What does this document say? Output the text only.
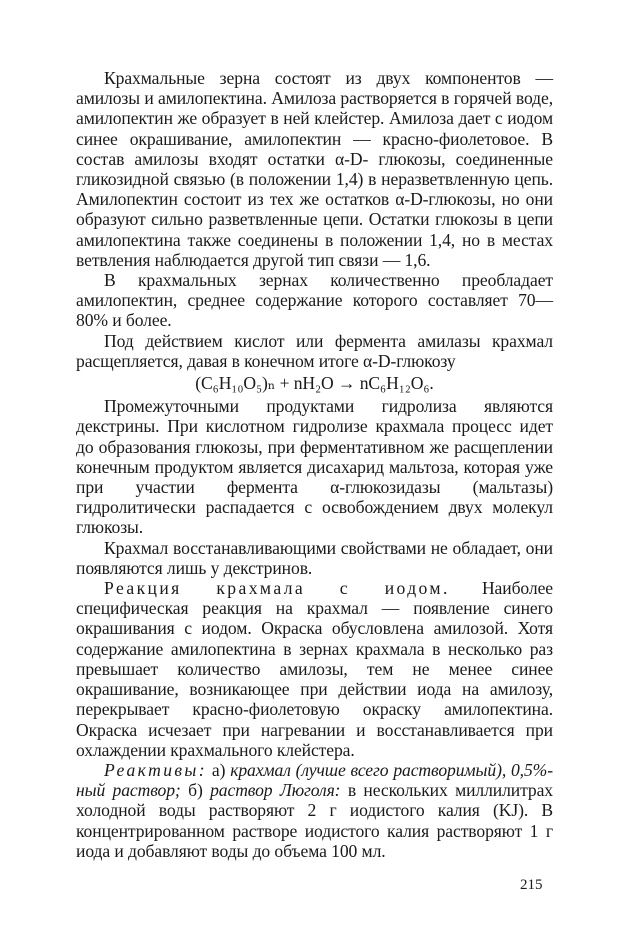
Крахмальные зерна состоят из двух компонентов — амилозы и амилопектина. Амилоза растворяется в горячей воде, амилопектин же образует в ней клейстер. Амилоза дает с иодом синее окрашивание, амилопектин — красно-фиолетовое. В состав амилозы входят остатки α-D- глюкозы, соединенные гликозидной связью (в положении 1,4) в неразветвленную цепь. Амилопектин состоит из тех же остатков α-D-глюкозы, но они образуют сильно разветвленные цепи. Остатки глюкозы в цепи амилопектина также соединены в положении 1,4, но в местах ветвления наблюдается другой тип связи — 1,6.

В крахмальных зернах количественно преобладает амилопектин, среднее содержание которого составляет 70—80% и более.

Под действием кислот или фермента амилазы крахмал расщепляется, давая в конечном итоге α-D-глюкозу

(C₆H₁₀O₅)ₙ + nH₂O → nC₆H₁₂O₆.

Промежуточными продуктами гидролиза являются декстрины. При кислотном гидролизе крахмала процесс идет до образования глюкозы, при ферментативном же расщеплении конечным продуктом является дисахарид мальтоза, которая уже при участии фермента α-глюкозидазы (мальтазы) гидролитически распадается с освобождением двух молекул глюкозы.

Крахмал восстанавливающими свойствами не обладает, они появляются лишь у декстринов.

Реакция крахмала с иодом. Наиболее специфическая реакция на крахмал — появление синего окрашивания с иодом. Окраска обусловлена амилозой. Хотя содержание амилопектина в зернах крахмала в несколько раз превышает количество амилозы, тем не менее синее окрашивание, возникающее при действии иода на амилозу, перекрывает красно-фиолетовую окраску амилопектина. Окраска исчезает при нагревании и восстанавливается при охлаждении крахмального клейстера.

Реактивы: а) крахмал (лучше всего растворимый), 0,5%-ный раствор; б) раствор Люголя: в нескольких миллилитрах холодной воды растворяют 2 г иодистого калия (KJ). В концентрированном растворе иодистого калия растворяют 1 г иода и добавляют воды до объема 100 мл.

215
